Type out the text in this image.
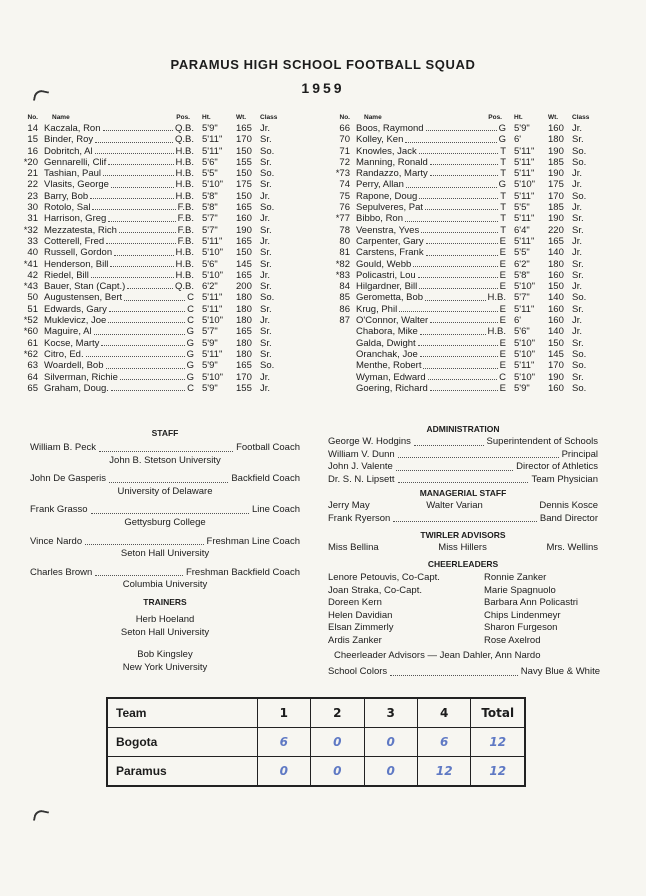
PARAMUS HIGH SCHOOL FOOTBALL SQUAD
1959
No.	Name	Pos.	Ht.	Wt.	Class
14 Kaczala, Ron	Q.B. 5'9"	165 Jr.
15 Binder, Roy	Q.B. 5'11"	170 Sr.
16 Dobritch, Al	H.B. 5'11"	150 So.
*20 Gennarelli, Clif	H.B. 5'6"	155 Sr.
21 Tashian, Paul	H.B. 5'5"	150 So.
22 Vlasits, George	H.B. 5'10"	175 Sr.
23 Barry, Bob	H.B. 5'8"	150 Jr.
30 Rotolo, Sal	F.B. 5'8"	165 So.
31 Harrison, Greg	F.B. 5'7"	160 Jr.
*32 Mezzatesta, Rich	F.B. 5'7"	190 Sr.
33 Cotterell, Fred	F.B. 5'11"	165 Jr.
40 Russell, Gordon	H.B. 5'10"	150 Sr.
*41 Henderson, Bill	H.B. 5'6"	145 Sr.
42 Riedel, Bill	H.B. 5'10"	165 Jr.
*43 Bauer, Stan (Capt.)	Q.B. 6'2"	200 Sr.
50 Augustensen, Bert	C 5'11"	180 So.
51 Edwards, Gary	C 5'11"	180 Sr.
*52 Muklevicz, Joe	C 5'10"	180 Jr.
*60 Maguire, Al	G 5'7"	165 Sr.
61 Kocse, Marty	G 5'9"	180 Sr.
*62 Citro, Ed.	G 5'11"	180 Sr.
63 Woardell, Bob	G 5'9"	165 So.
64 Silverman, Richie	G 5'10"	170 Jr.
65 Graham, Doug.	C 5'9"	155 Jr.
No.	Name	Pos.	Ht.	Wt.	Class
66 Boos, Raymond	G 5'9"	160 Jr.
70 Kolley, Ken	G 6'	180 Sr.
71 Knowles, Jack	T 5'11"	190 So.
72 Manning, Ronald	T 5'11"	185 So.
*73 Randazzo, Marty	T 5'11"	190 Jr.
74 Perry, Allan	G 5'10"	175 Jr.
75 Rapone, Doug	T 5'11"	170 So.
76 Sepulveres, Pat	T 5'5"	185 Jr.
*77 Bibbo, Ron	T 5'11"	190 Sr.
78 Veenstra, Yves	T 6'4"	220 Sr.
80 Carpenter, Gary	E 5'11"	165 Jr.
81 Carstens, Frank	E 5'5"	140 Jr.
*82 Gould, Webb	E 6'2"	180 Sr.
*83 Policastri, Lou	E 5'8"	160 Sr.
84 Hilgardner, Bill	E 5'10"	150 Jr.
85 Gerometta, Bob	H.B. 5'7"	140 So.
86 Krug, Phil	E 5'11"	160 Sr.
87 O'Connor, Walter	E 6'	160 Jr.
Chabora, Mike	H.B. 5'6"	140 Jr.
Galda, Dwight	E 5'10"	150 Sr.
Oranchak, Joe	E 5'10"	145 So.
Menthe, Robert	E 5'11"	170 So.
Wyman, Edward	C 5'10"	190 Sr.
Goering, Richard	E 5'9"	160 So.
STAFF
William B. Peck	Football Coach
John B. Stetson University
John De Gasperis	Backfield Coach
University of Delaware
Frank Grasso	Line Coach
Gettysburg College
Vince Nardo	Freshman Line Coach
Seton Hall University
Charles Brown	Freshman Backfield Coach
Columbia University
TRAINERS
Herb Hoeland
Seton Hall University
Bob Kingsley
New York University
ADMINISTRATION
George W. Hodgins	Superintendent of Schools
William V. Dunn	Principal
John J. Valente	Director of Athletics
Dr. S. N. Lipsett	Team Physician
MANAGERIAL STAFF
Jerry May	Walter Varian	Dennis Kosce
Frank Ryerson	Band Director
TWIRLER ADVISORS
Miss Bellina	Miss Hillers	Mrs. Wellins
CHEERLEADERS
Lenore Petouvis, Co-Capt.
Joan Straka, Co-Capt.
Doreen Kern
Helen Davidian
Elsan Zimmerly
Ardis Zanker
Ronnie Zanker
Marie Spagnuolo
Barbara Ann Policastri
Chips Lindenmeyr
Sharon Furgeson
Rose Axelrod
Cheerleader Advisors — Jean Dahler, Ann Nardo
School Colors	Navy Blue & White
Team	1	2	3	4	Total
Bogota	6	0	0	6	12
Paramus	0	0	0	12	12
